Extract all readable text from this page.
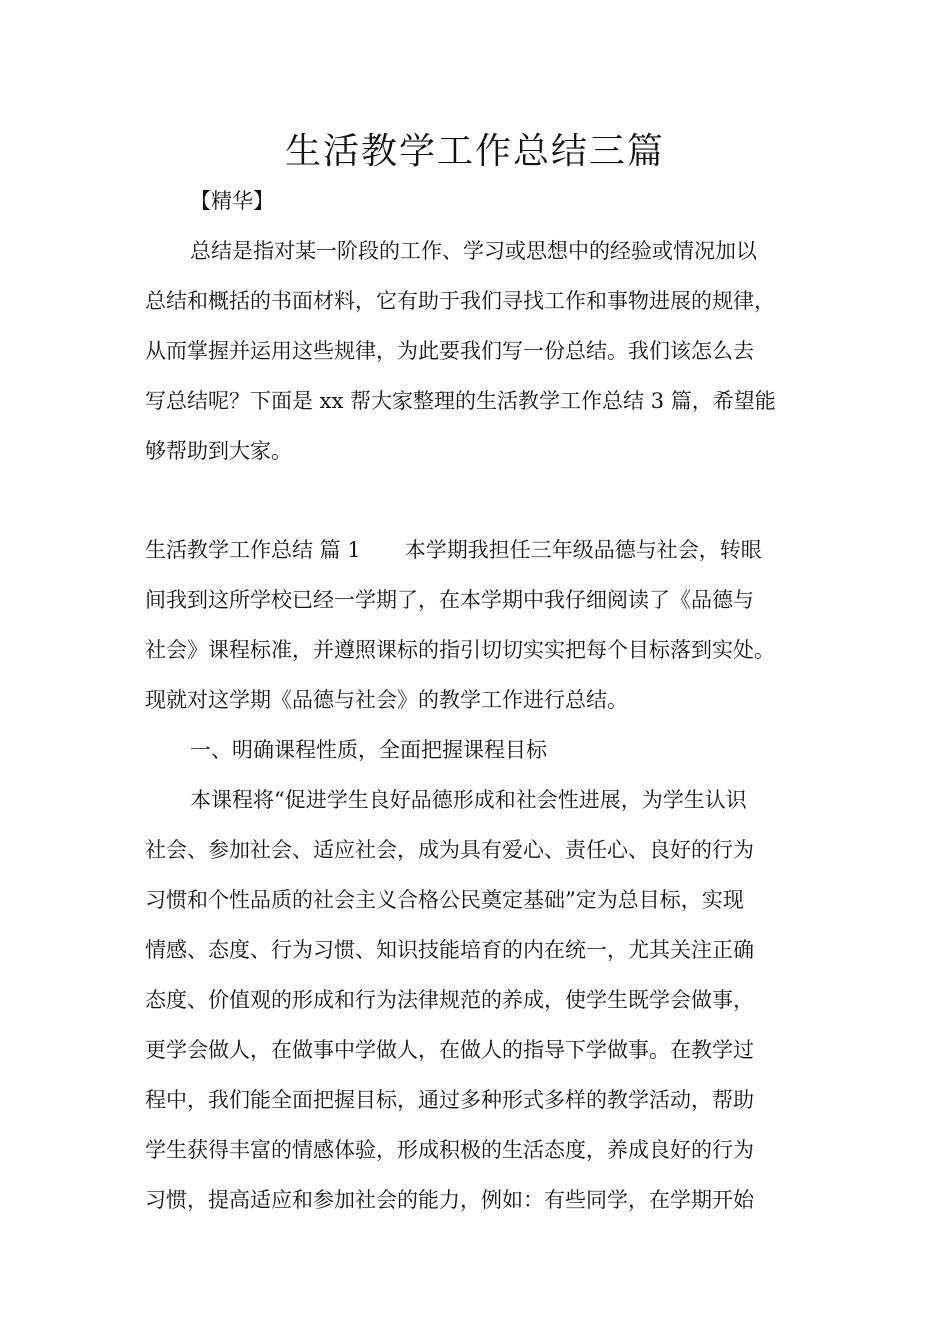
生活教学工作总结三篇
【精华】
总结是指对某一阶段的工作、学习或思想中的经验或情况加以
总结和概括的书面材料，它有助于我们寻找工作和事物进展的规律，
从而掌握并运用这些规律，为此要我们写一份总结。我们该怎么去
写总结呢？下面是 xx 帮大家整理的生活教学工作总结 3 篇，希望能
够帮助到大家。
生活教学工作总结 篇 1 本学期我担任三年级品德与社会，转眼
间我到这所学校已经一学期了，在本学期中我仔细阅读了《品德与
社会》课程标准，并遵照课标的指引切切实实把每个目标落到实处。
现就对这学期《品德与社会》的教学工作进行总结。
一、明确课程性质，全面把握课程目标
本课程将“促进学生良好品德形成和社会性进展，为学生认识
社会、参加社会、适应社会，成为具有爱心、责任心、良好的行为
习惯和个性品质的社会主义合格公民奠定基础”定为总目标，实现
情感、态度、行为习惯、知识技能培育的内在统一，尤其关注正确
态度、价值观的形成和行为法律规范的养成，使学生既学会做事，
更学会做人，在做事中学做人，在做人的指导下学做事。在教学过
程中，我们能全面把握目标，通过多种形式多样的教学活动，帮助
学生获得丰富的情感体验，形成积极的生活态度，养成良好的行为
习惯，提高适应和参加社会的能力，例如：有些同学，在学期开始
